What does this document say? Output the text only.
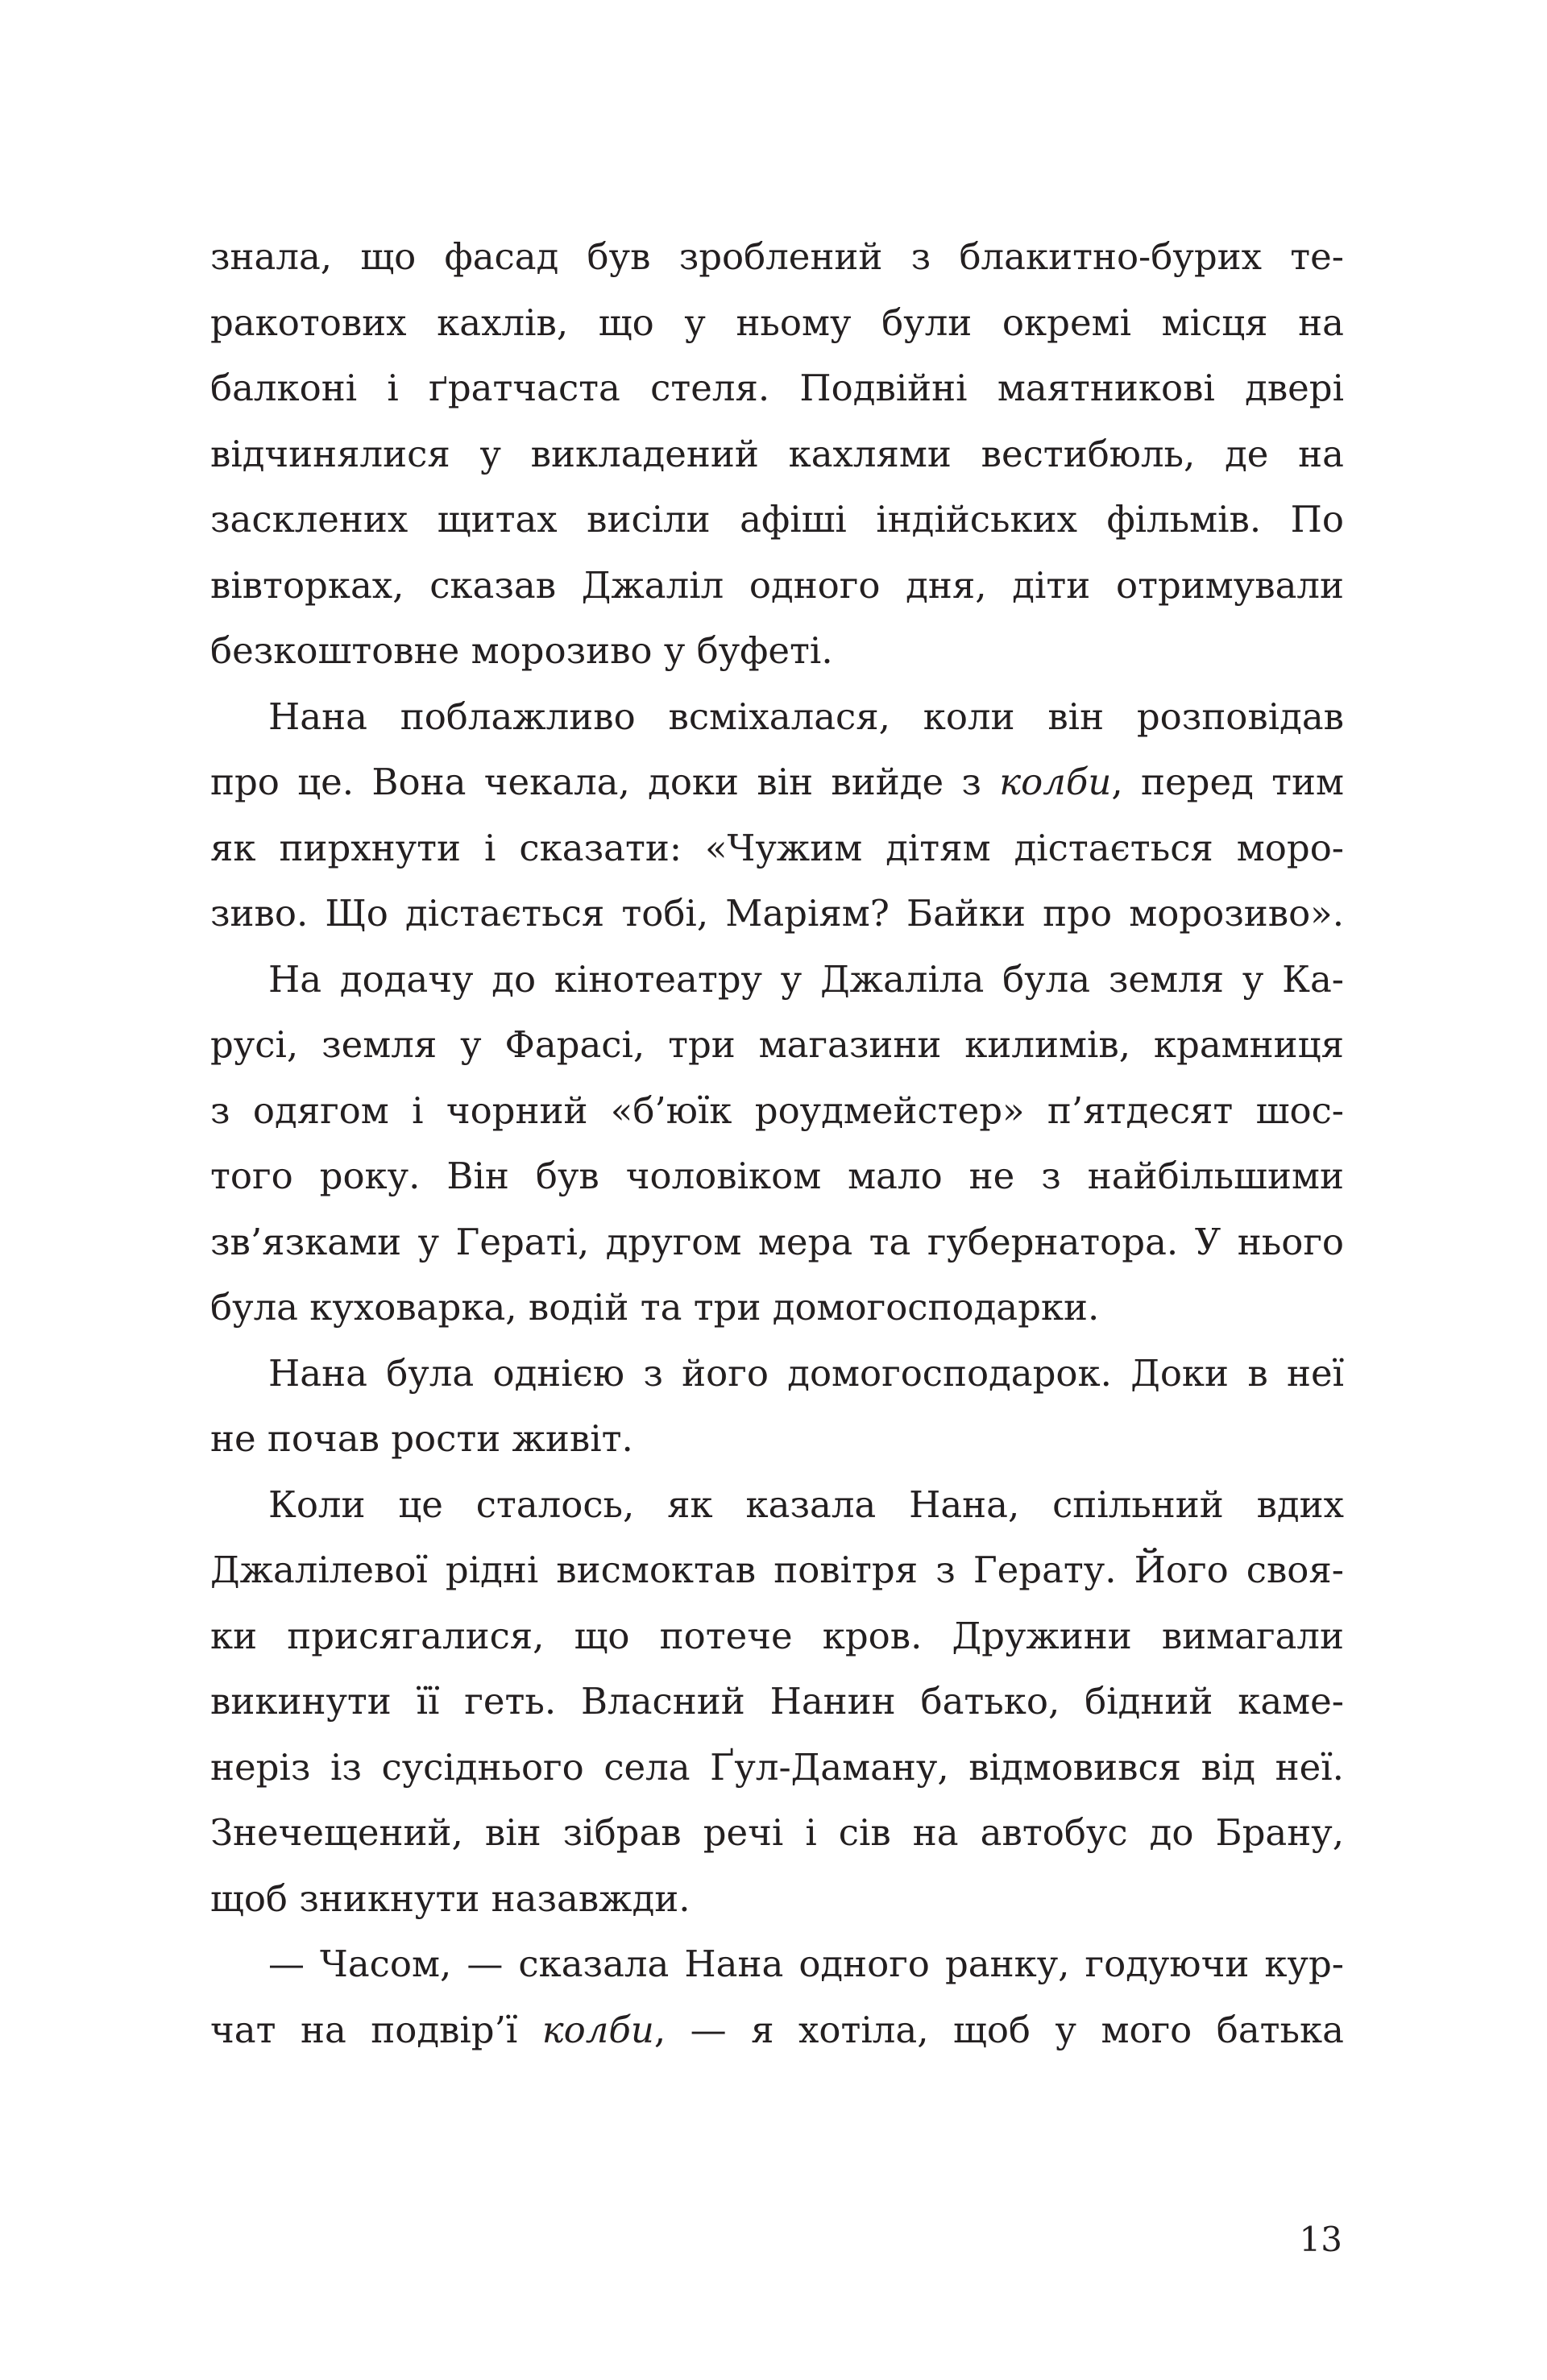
знала, що фасад був зроблений з блакитно-бурих те-
ракотових кахлів, що у ньому були окремі місця на
балконі і ґратчаста стеля. Подвійні маятникові двері
відчинялися у викладений кахлями вестибюль, де на
засклених щитах висіли афіші індійських фільмів. По
вівторках, сказав Джаліл одного дня, діти отримували
безкоштовне морозиво у буфеті.
Нана поблажливо всміхалася, коли він розповідав
про це. Вона чекала, доки він вийде з колби, перед тим
як пирхнути і сказати: «Чужим дітям дістається моро-
зиво. Що дістається тобі, Маріям? Байки про морозиво».
На додачу до кінотеатру у Джаліла була земля у Ка-
русі, земля у Фарасі, три магазини килимів, крамниця
з одягом і чорний «б’юїк роудмейстер» п’ятдесят шос-
того року. Він був чоловіком мало не з найбільшими
зв’язками у Гераті, другом мера та губернатора. У нього
була куховарка, водій та три домогосподарки.
Нана була однією з його домогосподарок. Доки в неї
не почав рости живіт.
Коли це сталось, як казала Нана, спільний вдих
Джалілевої рідні висмоктав повітря з Герату. Його своя-
ки присягалися, що потече кров. Дружини вимагали
викинути її геть. Власний Нанин батько, бідний каме-
неріз із сусіднього села Ґул-Даману, відмовився від неї.
Знечещений, він зібрав речі і сів на автобус до Брану,
щоб зникнути назавжди.
— Часом, — сказала Нана одного ранку, годуючи кур-
чат на подвір’ї колби, — я хотіла, щоб у мого батька
13
